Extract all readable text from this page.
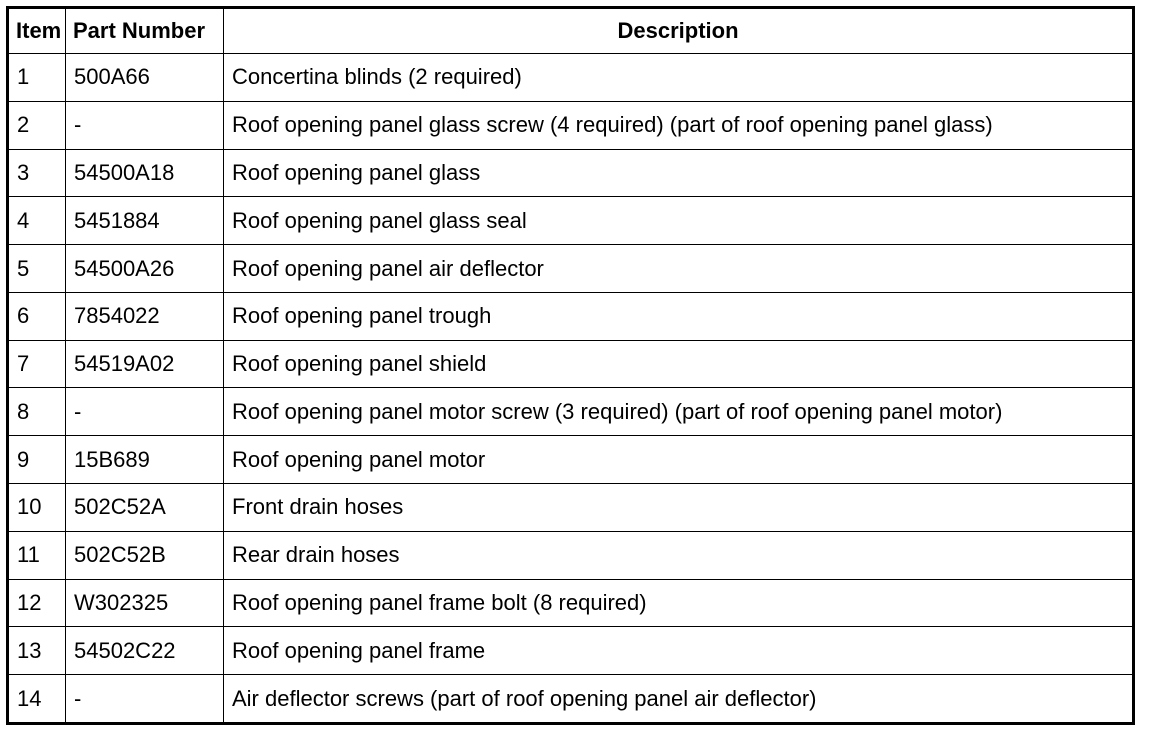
Item	Part Number	Description
1	500A66	Concertina blinds (2 required)
2	-	Roof opening panel glass screw (4 required) (part of roof opening panel glass)
3	54500A18	Roof opening panel glass
4	5451884	Roof opening panel glass seal
5	54500A26	Roof opening panel air deflector
6	7854022	Roof opening panel trough
7	54519A02	Roof opening panel shield
8	-	Roof opening panel motor screw (3 required) (part of roof opening panel motor)
9	15B689	Roof opening panel motor
10	502C52A	Front drain hoses
11	502C52B	Rear drain hoses
12	W302325	Roof opening panel frame bolt (8 required)
13	54502C22	Roof opening panel frame
14	-	Air deflector screws (part of roof opening panel air deflector)
